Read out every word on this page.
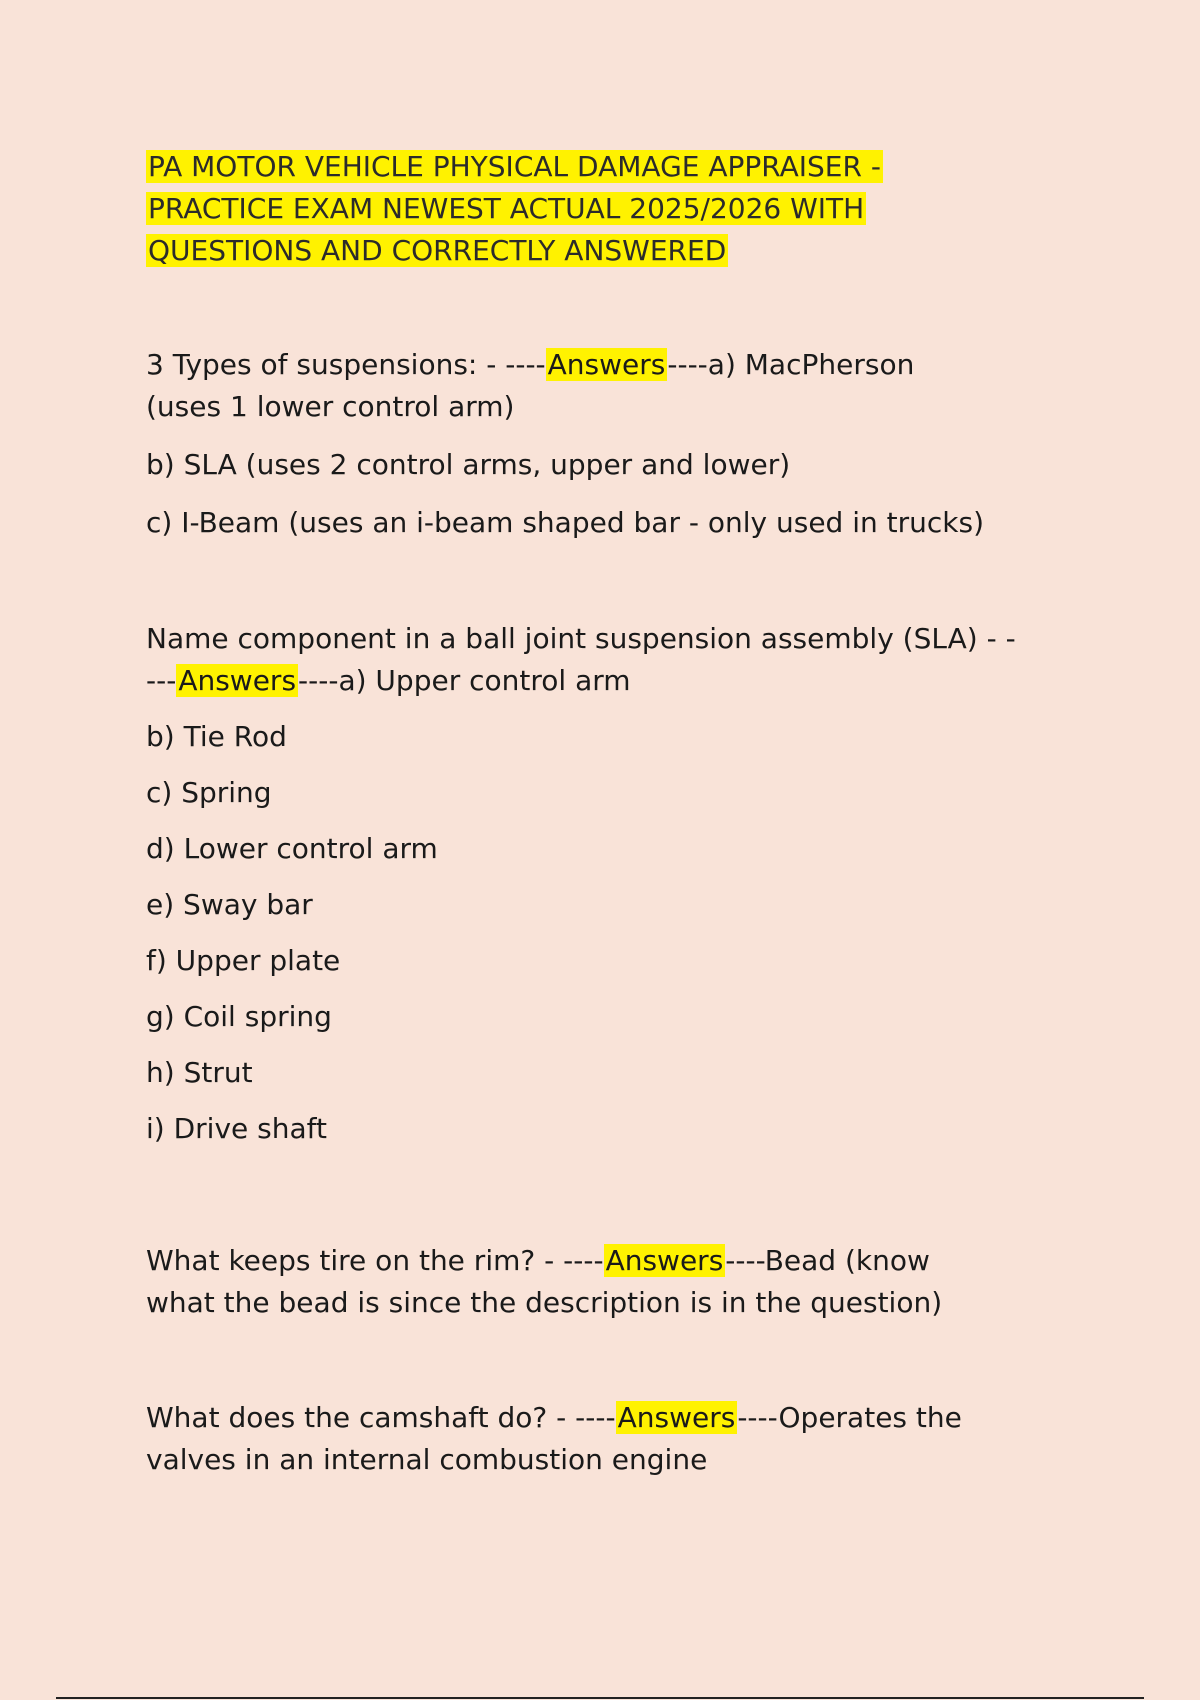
PA MOTOR VEHICLE PHYSICAL DAMAGE APPRAISER -
PRACTICE EXAM NEWEST ACTUAL 2025/2026 WITH
QUESTIONS AND CORRECTLY ANSWERED

3 Types of suspensions: - ----Answers----a) MacPherson
(uses 1 lower control arm)

b) SLA (uses 2 control arms, upper and lower)

c) I-Beam (uses an i-beam shaped bar - only used in trucks)

Name component in a ball joint suspension assembly (SLA) - -
---Answers----a) Upper control arm

b) Tie Rod

c) Spring

d) Lower control arm

e) Sway bar

f) Upper plate

g) Coil spring

h) Strut

i) Drive shaft

What keeps tire on the rim? - ----Answers----Bead (know
what the bead is since the description is in the question)

What does the camshaft do? - ----Answers----Operates the
valves in an internal combustion engine
